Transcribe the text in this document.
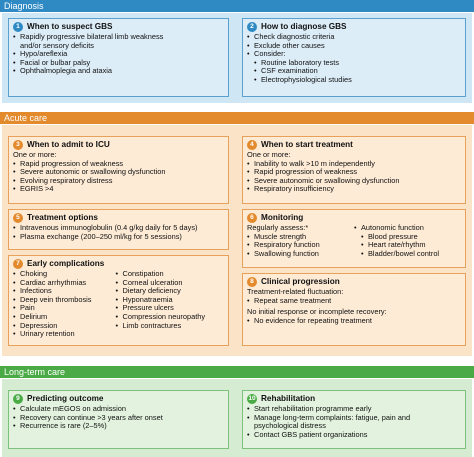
Diagnosis
1 When to suspect GBS
• Rapidly progressive bilateral limb weakness
and/or sensory deficits
• Hypo/areflexia
• Facial or bulbar palsy
• Ophthalmoplegia and ataxia
2 How to diagnose GBS
• Check diagnostic criteria
• Exclude other causes
• Consider:
• Routine laboratory tests
• CSF examination
• Electrophysiological studies
Acute care
3 When to admit to ICU
One or more:
• Rapid progression of weakness
• Severe autonomic or swallowing dysfunction
• Evolving respiratory distress
• EGRIS >4
4 When to start treatment
One or more:
• Inability to walk >10 m independently
• Rapid progression of weakness
• Severe autonomic or swallowing dysfunction
• Respiratory insufficiency
5 Treatment options
• Intravenous immunoglobulin (0.4 g/kg daily for 5 days)
• Plasma exchange (200–250 ml/kg for 5 sessions)
6 Monitoring
Regularly assess:*
• Muscle strength
• Respiratory function
• Swallowing function
• Autonomic function
• Blood pressure
• Heart rate/rhythm
• Bladder/bowel control
7 Early complications
• Choking
• Cardiac arrhythmias
• Infections
• Deep vein thrombosis
• Pain
• Delirium
• Depression
• Urinary retention
• Constipation
• Corneal ulceration
• Dietary deficiency
• Hyponatraemia
• Pressure ulcers
• Compression neuropathy
• Limb contractures
8 Clinical progression
Treatment-related fluctuation:
• Repeat same treatment
No initial response or incomplete recovery:
• No evidence for repeating treatment
Long-term care
9 Predicting outcome
• Calculate mEGOS on admission
• Recovery can continue >3 years after onset
• Recurrence is rare (2–5%)
10 Rehabilitation
• Start rehabilitation programme early
• Manage long-term complaints: fatigue, pain and
psychological distress
• Contact GBS patient organizations
